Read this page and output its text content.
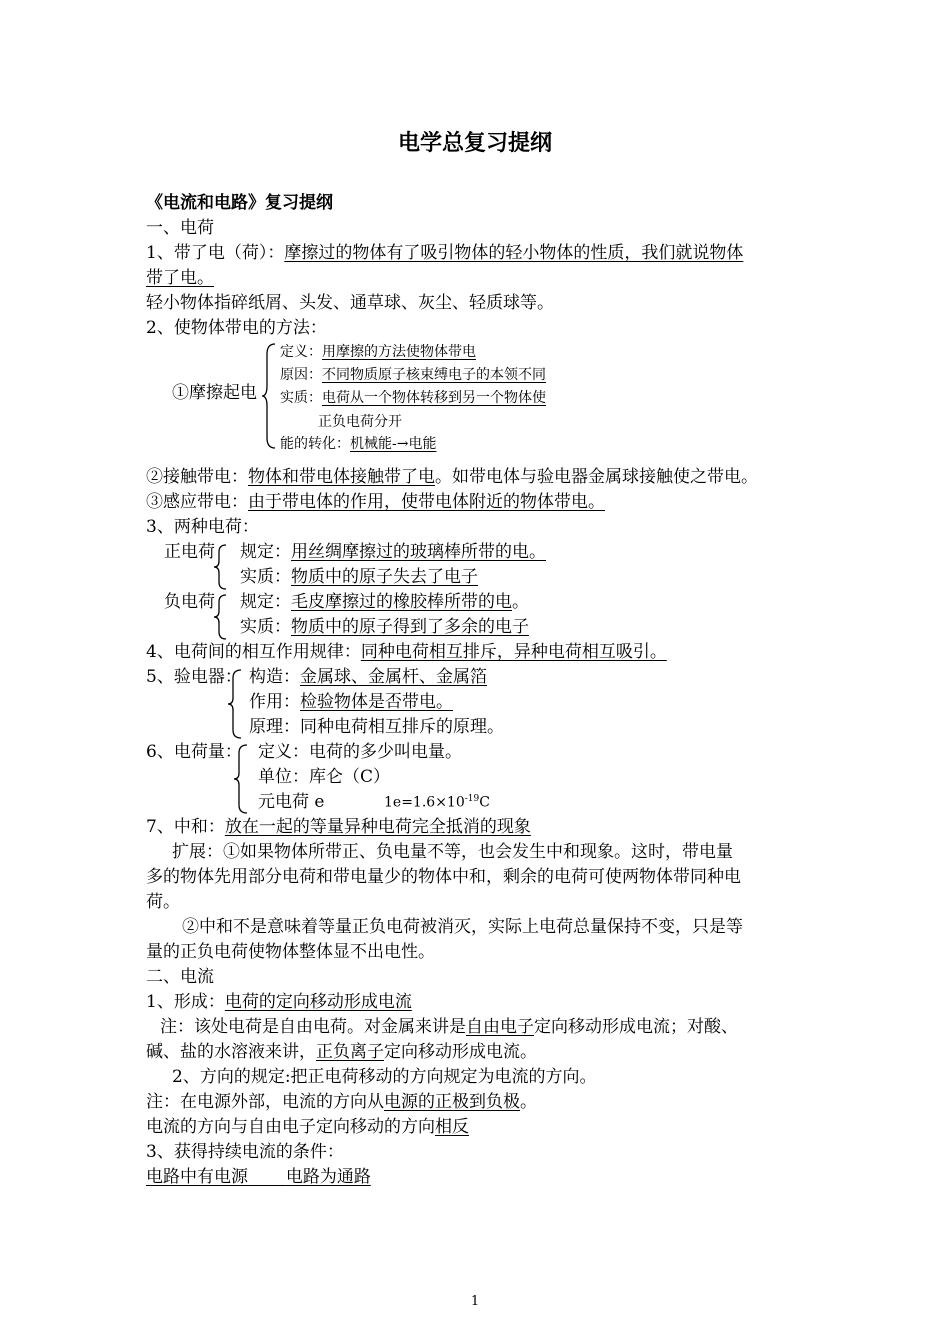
电学总复习提纲
《电流和电路》复习提纲
一、电荷
1、带了电（荷）：摩擦过的物体有了吸引物体的轻小物体的性质，我们就说物体
带了电。
轻小物体指碎纸屑、头发、通草球、灰尘、轻质球等。
2、使物体带电的方法：
①摩擦起电
定义：用摩擦的方法使物体带电
原因：不同物质原子核束缚电子的本领不同
实质：电荷从一个物体转移到另一个物体使
正负电荷分开
能的转化：机械能-→电能
②接触带电：物体和带电体接触带了电。如带电体与验电器金属球接触使之带电。
③感应带电：由于带电体的作用，使带电体附近的物体带电。
3、两种电荷：
正电荷 规定：用丝绸摩擦过的玻璃棒所带的电。
实质：物质中的原子失去了电子
负电荷 规定：毛皮摩擦过的橡胶棒所带的电。
实质：物质中的原子得到了多余的电子
4、电荷间的相互作用规律：同种电荷相互排斥，异种电荷相互吸引。
5、验电器： 构造：金属球、金属杆、金属箔
作用：检验物体是否带电。
原理：同种电荷相互排斥的原理。
6、电荷量： 定义：电荷的多少叫电量。
单位：库仑（C）
元电荷 e	$1e=1.6\times 10^{-19}C$
7、中和：放在一起的等量异种电荷完全抵消的现象
扩展：①如果物体所带正、负电量不等，也会发生中和现象。这时，带电量
多的物体先用部分电荷和带电量少的物体中和，剩余的电荷可使两物体带同种电
荷。
②中和不是意味着等量正负电荷被消灭，实际上电荷总量保持不变，只是等
量的正负电荷使物体整体显不出电性。
二、电流
1、形成：电荷的定向移动形成电流
注：该处电荷是自由电荷。对金属来讲是自由电子定向移动形成电流；对酸、
碱、盐的水溶液来讲，正负离子定向移动形成电流。
2、方向的规定:把正电荷移动的方向规定为电流的方向。
注：在电源外部，电流的方向从电源的正极到负极。
电流的方向与自由电子定向移动的方向相反
3、获得持续电流的条件：
电路中有电源 电路为通路
1
